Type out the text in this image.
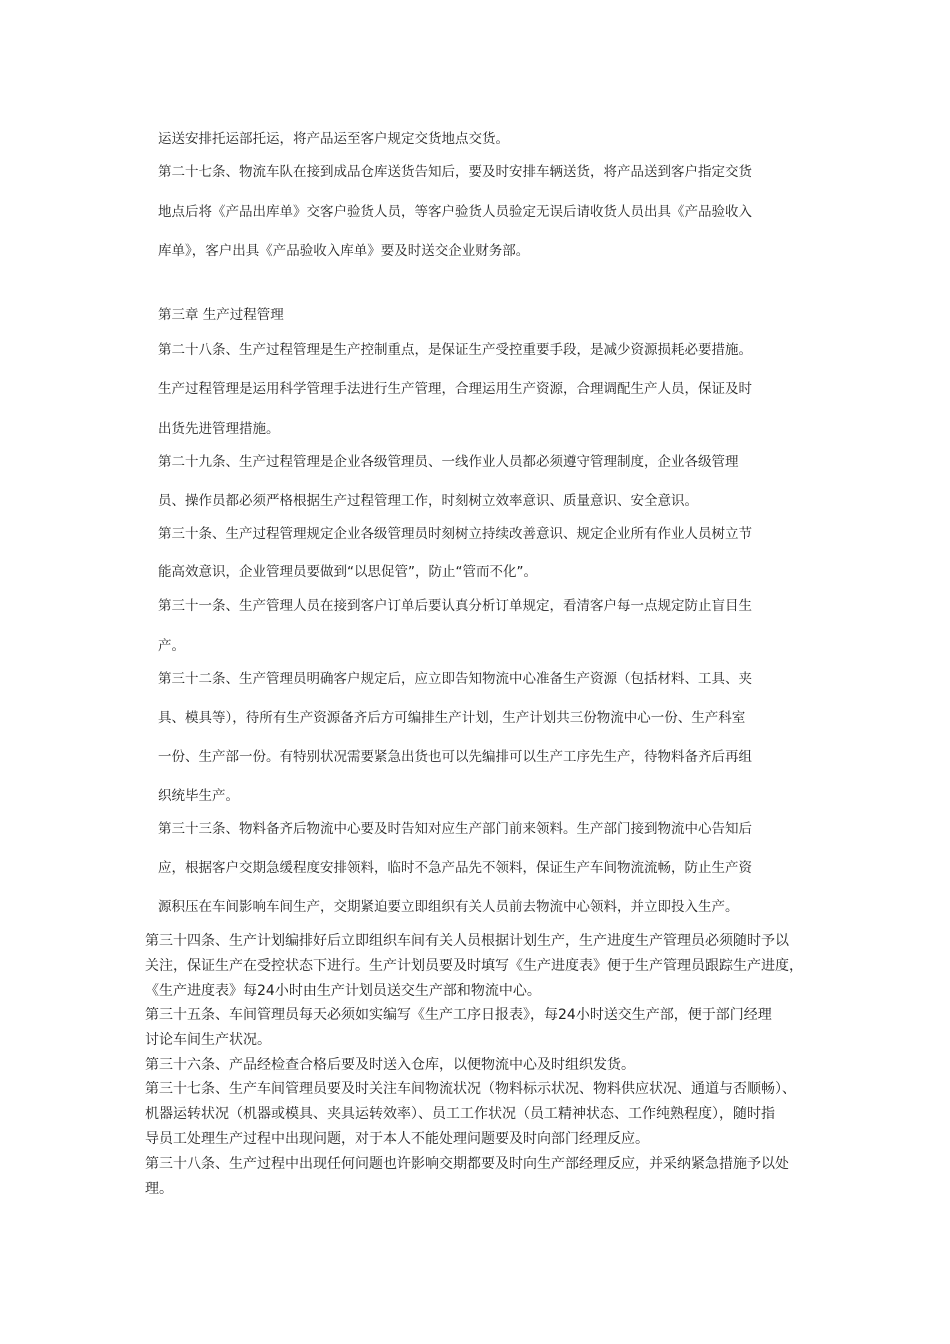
运送安排托运部托运，将产品运至客户规定交货地点交货。
第二十七条、物流车队在接到成品仓库送货告知后，要及时安排车辆送货，将产品送到客户指定交货
地点后将《产品出库单》交客户验货人员，等客户验货人员验定无误后请收货人员出具《产品验收入
库单》，客户出具《产品验收入库单》要及时送交企业财务部。
第三章 生产过程管理
第二十八条、生产过程管理是生产控制重点，是保证生产受控重要手段，是减少资源损耗必要措施。
生产过程管理是运用科学管理手法进行生产管理，合理运用生产资源，合理调配生产人员，保证及时
出货先进管理措施。
第二十九条、生产过程管理是企业各级管理员、一线作业人员都必须遵守管理制度，企业各级管理
员、操作员都必须严格根据生产过程管理工作，时刻树立效率意识、质量意识、安全意识。
第三十条、生产过程管理规定企业各级管理员时刻树立持续改善意识、规定企业所有作业人员树立节
能高效意识，企业管理员要做到“以思促管”，防止“管而不化”。
第三十一条、生产管理人员在接到客户订单后要认真分析订单规定，看清客户每一点规定防止盲目生
产。
第三十二条、生产管理员明确客户规定后，应立即告知物流中心准备生产资源（包括材料、工具、夹
具、模具等），待所有生产资源备齐后方可编排生产计划，生产计划共三份物流中心一份、生产科室
一份、生产部一份。有特别状况需要紧急出货也可以先编排可以生产工序先生产，待物料备齐后再组
织统毕生产。
第三十三条、物料备齐后物流中心要及时告知对应生产部门前来领料。生产部门接到物流中心告知后
应，根据客户交期急缓程度安排领料，临时不急产品先不领料，保证生产车间物流流畅，防止生产资
源积压在车间影响车间生产，交期紧迫要立即组织有关人员前去物流中心领料，并立即投入生产。
第三十四条、生产计划编排好后立即组织车间有关人员根据计划生产，生产进度生产管理员必须随时予以
关注，保证生产在受控状态下进行。生产计划员要及时填写《生产进度表》便于生产管理员跟踪生产进度，
《生产进度表》每24小时由生产计划员送交生产部和物流中心。
第三十五条、车间管理员每天必须如实编写《生产工序日报表》，每24小时送交生产部，便于部门经理
讨论车间生产状况。
第三十六条、产品经检查合格后要及时送入仓库，以便物流中心及时组织发货。
第三十七条、生产车间管理员要及时关注车间物流状况（物料标示状况、物料供应状况、通道与否顺畅）、
机器运转状况（机器或模具、夹具运转效率）、员工工作状况（员工精神状态、工作纯熟程度），随时指
导员工处理生产过程中出现问题，对于本人不能处理问题要及时向部门经理反应。
第三十八条、生产过程中出现任何问题也许影响交期都要及时向生产部经理反应，并采纳紧急措施予以处
理。
